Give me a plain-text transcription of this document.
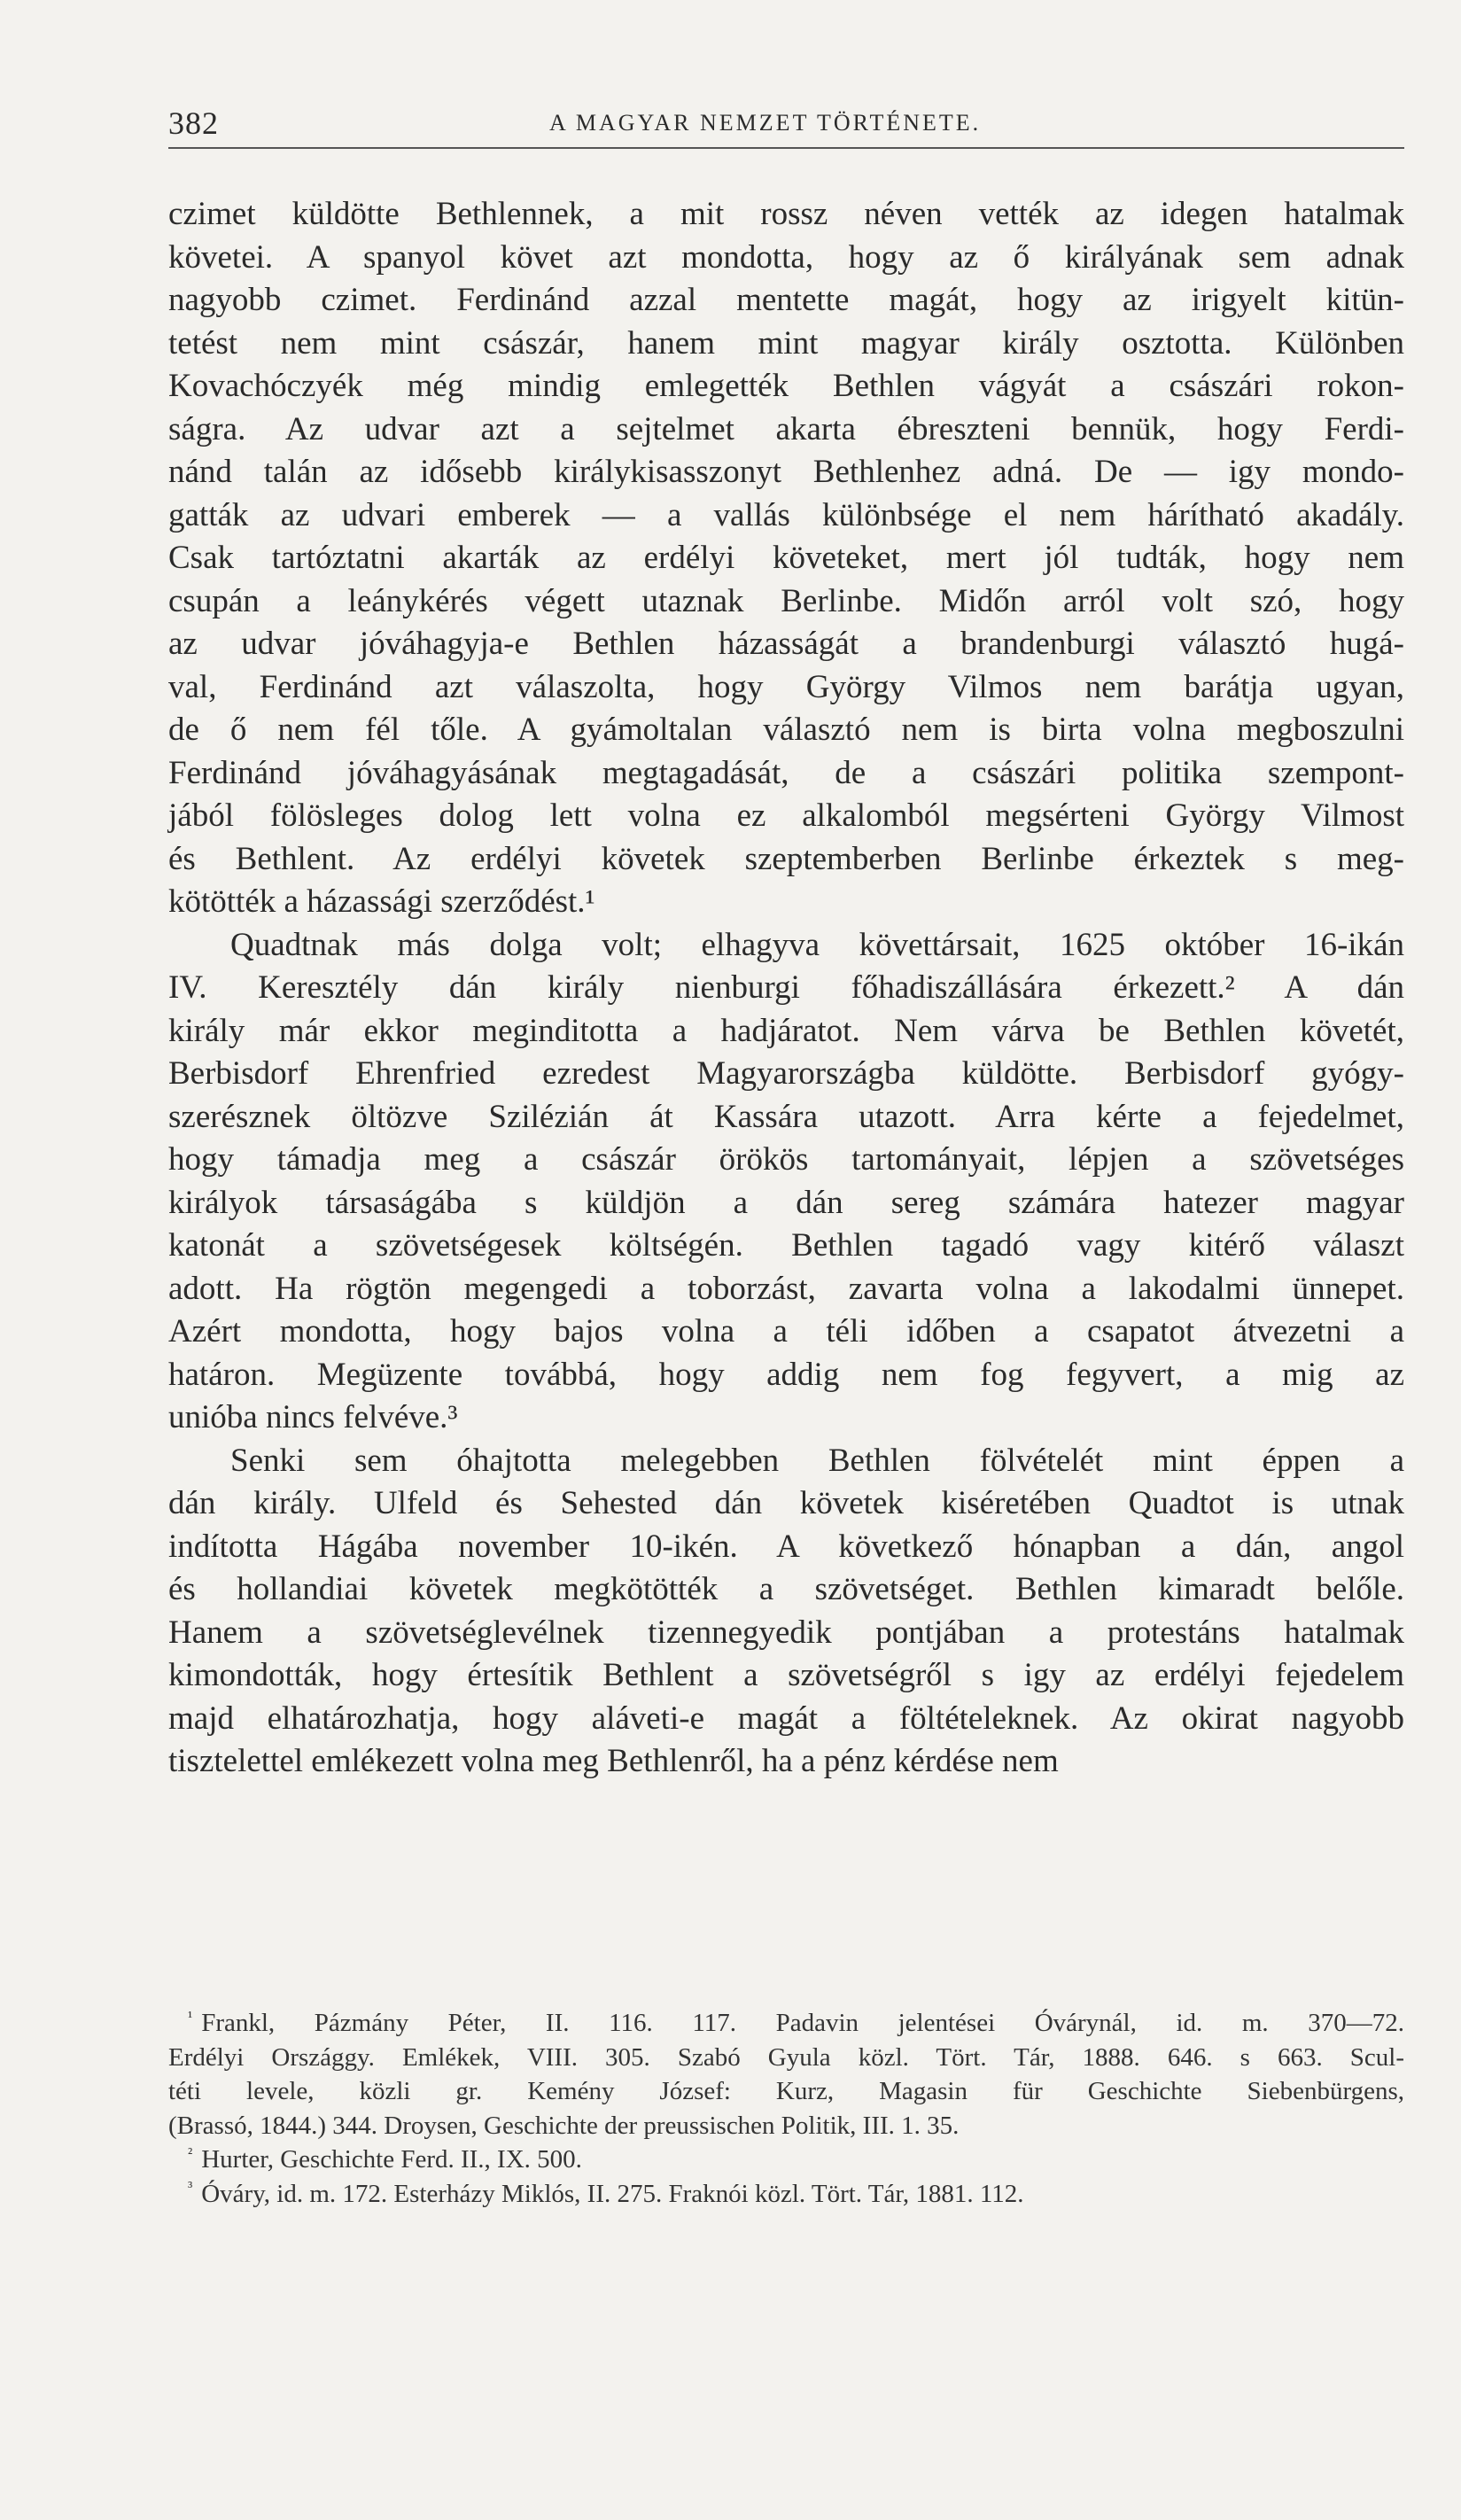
382	A MAGYAR NEMZET TÖRTÉNETE.
czimet küldötte Bethlennek, a mit rossz néven vették az idegen hatalmak
követei. A spanyol követ azt mondotta, hogy az ő királyának sem adnak
nagyobb czimet. Ferdinánd azzal mentette magát, hogy az irigyelt kitün-
tetést nem mint császár, hanem mint magyar király osztotta. Különben
Kovachóczyék még mindig emlegették Bethlen vágyát a császári rokon-
ságra. Az udvar azt a sejtelmet akarta ébreszteni bennük, hogy Ferdi-
nánd talán az idősebb királykisasszonyt Bethlenhez adná. De — igy mondo-
gatták az udvari emberek — a vallás különbsége el nem hárítható akadály.
Csak tartóztatni akarták az erdélyi követeket, mert jól tudták, hogy nem
csupán a leánykérés végett utaznak Berlinbe. Midőn arról volt szó, hogy
az udvar jóváhagyja-e Bethlen házasságát a brandenburgi választó hugá-
val, Ferdinánd azt válaszolta, hogy György Vilmos nem barátja ugyan,
de ő nem fél tőle. A gyámoltalan választó nem is birta volna megboszulni
Ferdinánd jóváhagyásának megtagadását, de a császári politika szempont-
jából fölösleges dolog lett volna ez alkalomból megsérteni György Vilmost
és Bethlent. Az erdélyi követek szeptemberben Berlinbe érkeztek s meg-
kötötték a házassági szerződést.¹
Quadtnak más dolga volt; elhagyva követtársait, 1625 október 16-ikán
IV. Keresztély dán király nienburgi főhadiszállására érkezett.² A dán
király már ekkor meginditotta a hadjáratot. Nem várva be Bethlen követét,
Berbisdorf Ehrenfried ezredest Magyarországba küldötte. Berbisdorf gyógy-
szerésznek öltözve Szilézián át Kassára utazott. Arra kérte a fejedelmet,
hogy támadja meg a császár örökös tartományait, lépjen a szövetséges
királyok társaságába s küldjön a dán sereg számára hatezer magyar
katonát a szövetségesek költségén. Bethlen tagadó vagy kitérő választ
adott. Ha rögtön megengedi a toborzást, zavarta volna a lakodalmi ünnepet.
Azért mondotta, hogy bajos volna a téli időben a csapatot átvezetni a
határon. Megüzente továbbá, hogy addig nem fog fegyvert, a mig az
unióba nincs felvéve.³
Senki sem óhajtotta melegebben Bethlen fölvételét mint éppen a
dán király. Ulfeld és Sehested dán követek kiséretében Quadtot is utnak
indította Hágába november 10-ikén. A következő hónapban a dán, angol
és hollandiai követek megkötötték a szövetséget. Bethlen kimaradt belőle.
Hanem a szövetséglevélnek tizennegyedik pontjában a protestáns hatalmak
kimondották, hogy értesítik Bethlent a szövetségről s igy az erdélyi fejedelem
majd elhatározhatja, hogy aláveti-e magát a föltételeknek. Az okirat nagyobb
tisztelettel emlékezett volna meg Bethlenről, ha a pénz kérdése nem
$^{^1}$ Frankl, Pázmány Péter, II. 116. 117. Padavin jelentései Óvárynál, id. m. 370—72.
Erdélyi Országgy. Emlékek, VIII. 305. Szabó Gyula közl. Tört. Tár, 1888. 646. s 663. Scul-
téti levele, közli gr. Kemény József: Kurz, Magasin für Geschichte Siebenbürgens,
(Brassó, 1844.) 344. Droysen, Geschichte der preussischen Politik, III. 1. 35.
$^{^2}$ Hurter, Geschichte Ferd. II., IX. 500.
$^{^3}$ Óváry, id. m. 172. Esterházy Miklós, II. 275. Fraknói közl. Tört. Tár, 1881. 112.
